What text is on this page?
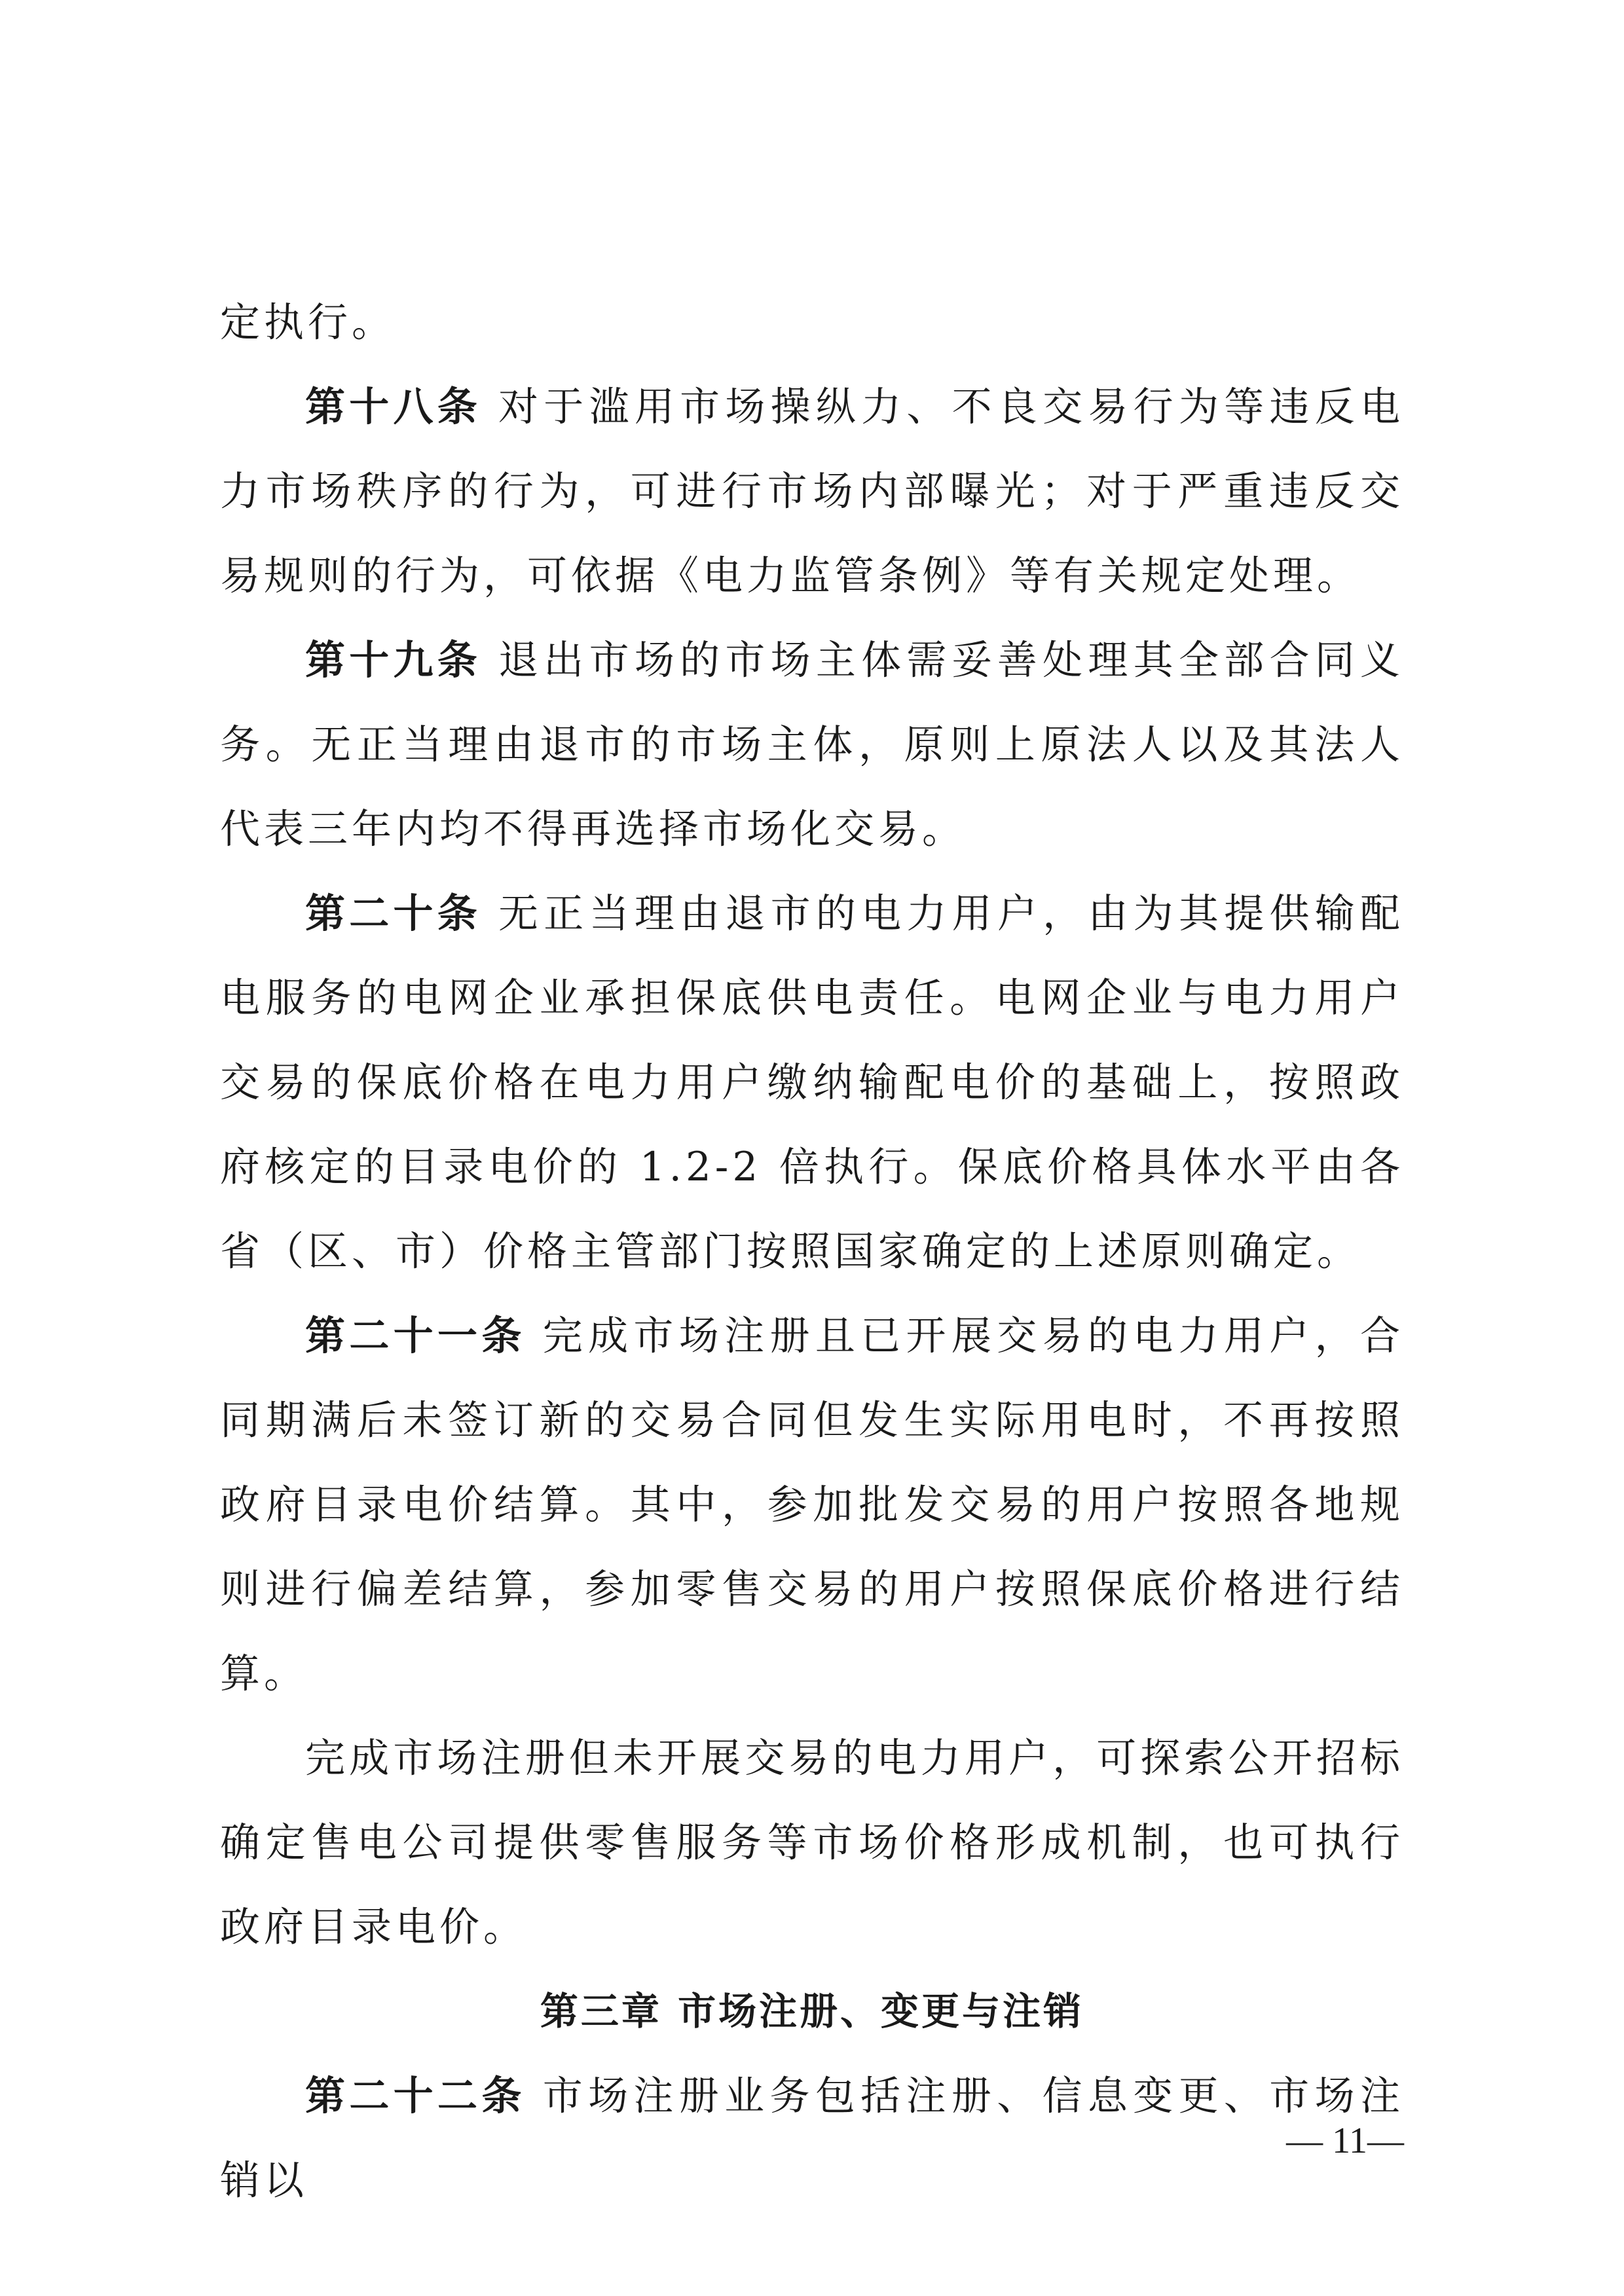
定执行。

第十八条 对于滥用市场操纵力、不良交易行为等违反电力市场秩序的行为，可进行市场内部曝光；对于严重违反交易规则的行为，可依据《电力监管条例》等有关规定处理。

第十九条 退出市场的市场主体需妥善处理其全部合同义务。无正当理由退市的市场主体，原则上原法人以及其法人代表三年内均不得再选择市场化交易。

第二十条 无正当理由退市的电力用户，由为其提供输配电服务的电网企业承担保底供电责任。电网企业与电力用户交易的保底价格在电力用户缴纳输配电价的基础上，按照政府核定的目录电价的 1.2-2 倍执行。保底价格具体水平由各省（区、市）价格主管部门按照国家确定的上述原则确定。

第二十一条 完成市场注册且已开展交易的电力用户，合同期满后未签订新的交易合同但发生实际用电时，不再按照政府目录电价结算。其中，参加批发交易的用户按照各地规则进行偏差结算，参加零售交易的用户按照保底价格进行结算。

完成市场注册但未开展交易的电力用户，可探索公开招标确定售电公司提供零售服务等市场价格形成机制，也可执行政府目录电价。

第三章 市场注册、变更与注销

第二十二条 市场注册业务包括注册、信息变更、市场注销以

— 11—
